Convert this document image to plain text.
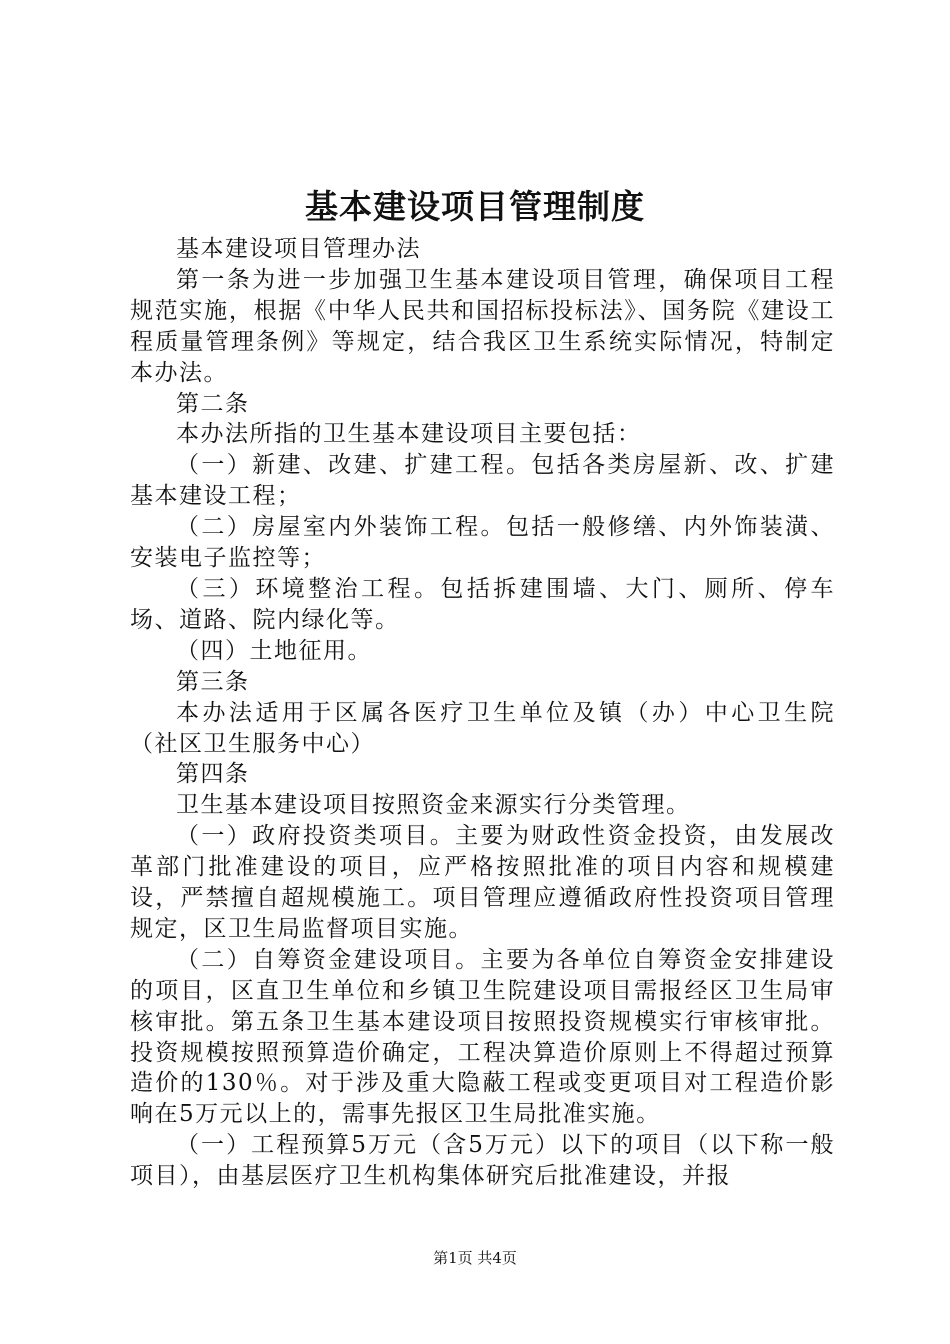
基本建设项目管理制度

基本建设项目管理办法

第一条为进一步加强卫生基本建设项目管理，确保项目工程规范实施，根据《中华人民共和国招标投标法》、国务院《建设工程质量管理条例》等规定，结合我区卫生系统实际情况，特制定本办法。

第二条

本办法所指的卫生基本建设项目主要包括：

（一）新建、改建、扩建工程。包括各类房屋新、改、扩建基本建设工程；

（二）房屋室内外装饰工程。包括一般修缮、内外饰装潢、安装电子监控等；

（三）环境整治工程。包括拆建围墙、大门、厕所、停车场、道路、院内绿化等。

（四）土地征用。

第三条

本办法适用于区属各医疗卫生单位及镇（办）中心卫生院（社区卫生服务中心）

第四条

卫生基本建设项目按照资金来源实行分类管理。

（一）政府投资类项目。主要为财政性资金投资，由发展改革部门批准建设的项目，应严格按照批准的项目内容和规模建设，严禁擅自超规模施工。项目管理应遵循政府性投资项目管理规定，区卫生局监督项目实施。

（二）自筹资金建设项目。主要为各单位自筹资金安排建设的项目，区直卫生单位和乡镇卫生院建设项目需报经区卫生局审核审批。第五条卫生基本建设项目按照投资规模实行审核审批。投资规模按照预算造价确定，工程决算造价原则上不得超过预算造价的130％。对于涉及重大隐蔽工程或变更项目对工程造价影响在5万元以上的，需事先报区卫生局批准实施。

（一）工程预算5万元（含5万元）以下的项目（以下称一般项目），由基层医疗卫生机构集体研究后批准建设，并报

第1页 共4页
